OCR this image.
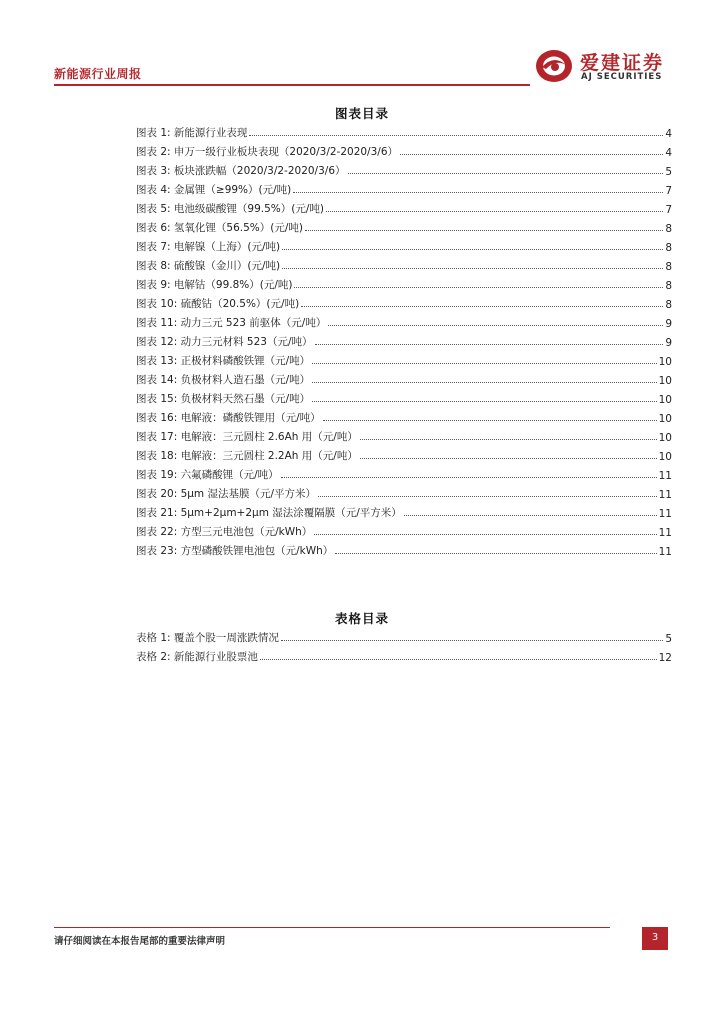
新能源行业周报	爱建证券
AJ SECURITIES
图表目录
图表 1: 新能源行业表现	4
图表 2: 申万一级行业板块表现（2020/3/2-2020/3/6）	4
图表 3: 板块涨跌幅（2020/3/2-2020/3/6）	5
图表 4: 金属锂（≥99%）(元/吨)	7
图表 5: 电池级碳酸锂（99.5%）(元/吨)	7
图表 6: 氢氧化锂（56.5%）(元/吨)	8
图表 7: 电解镍（上海）(元/吨)	8
图表 8: 硫酸镍（金川）(元/吨)	8
图表 9: 电解钴（99.8%）(元/吨)	8
图表 10: 硫酸钴（20.5%）(元/吨)	8
图表 11: 动力三元 523 前驱体（元/吨）	9
图表 12: 动力三元材料 523（元/吨）	9
图表 13: 正极材料磷酸铁锂（元/吨）	10
图表 14: 负极材料人造石墨（元/吨）	10
图表 15: 负极材料天然石墨（元/吨）	10
图表 16: 电解液：磷酸铁锂用（元/吨）	10
图表 17: 电解液：三元圆柱 2.6Ah 用（元/吨）	10
图表 18: 电解液：三元圆柱 2.2Ah 用（元/吨）	10
图表 19: 六氟磷酸锂（元/吨）	11
图表 20: 5μm 湿法基膜（元/平方米）	11
图表 21: 5μm+2μm+2μm 湿法涂覆隔膜（元/平方米）	11
图表 22: 方型三元电池包（元/kWh）	11
图表 23: 方型磷酸铁锂电池包（元/kWh）	11
表格目录
表格 1: 覆盖个股一周涨跌情况	5
表格 2: 新能源行业股票池	12
请仔细阅读在本报告尾部的重要法律声明	3
